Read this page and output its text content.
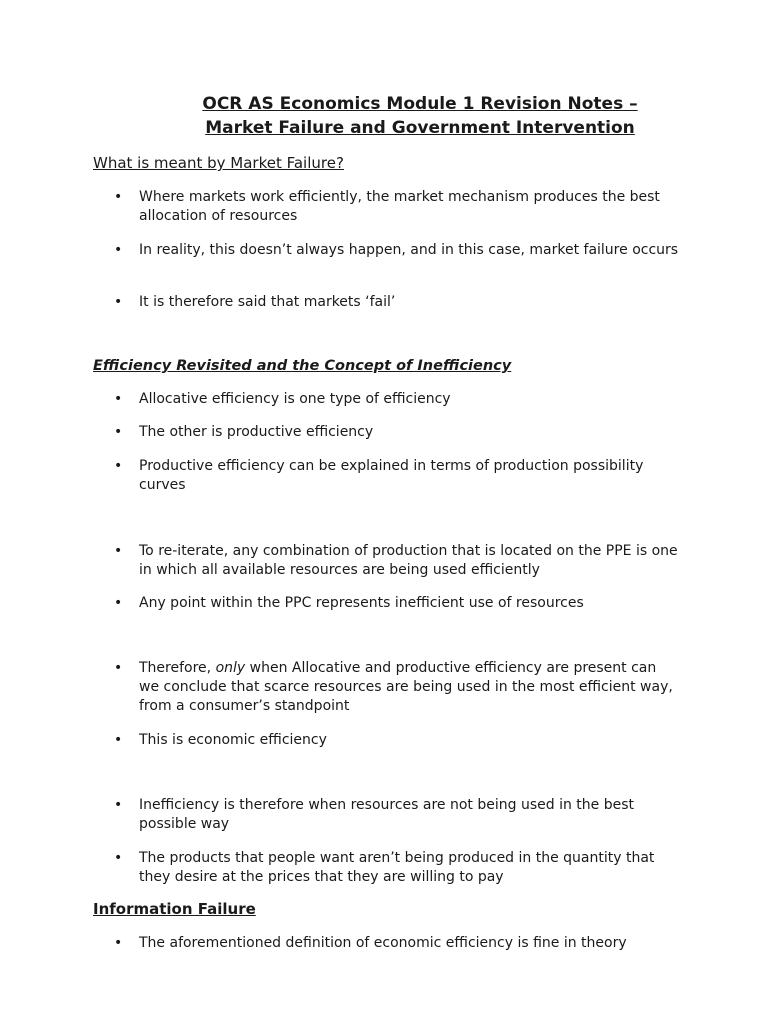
OCR AS Economics Module 1 Revision Notes –
Market Failure and Government Intervention
What is meant by Market Failure?
• Where markets work efficiently, the market mechanism produces the best allocation of resources
• In reality, this doesn’t always happen, and in this case, market failure occurs
• It is therefore said that markets ‘fail’
Efficiency Revisited and the Concept of Inefficiency
• Allocative efficiency is one type of efficiency
• The other is productive efficiency
• Productive efficiency can be explained in terms of production possibility curves
• To re-iterate, any combination of production that is located on the PPE is one in which all available resources are being used efficiently
• Any point within the PPC represents inefficient use of resources
• Therefore, only when Allocative and productive efficiency are present can we conclude that scarce resources are being used in the most efficient way, from a consumer’s standpoint
• This is economic efficiency
• Inefficiency is therefore when resources are not being used in the best possible way
• The products that people want aren’t being produced in the quantity that they desire at the prices that they are willing to pay
Information Failure
• The aforementioned definition of economic efficiency is fine in theory
